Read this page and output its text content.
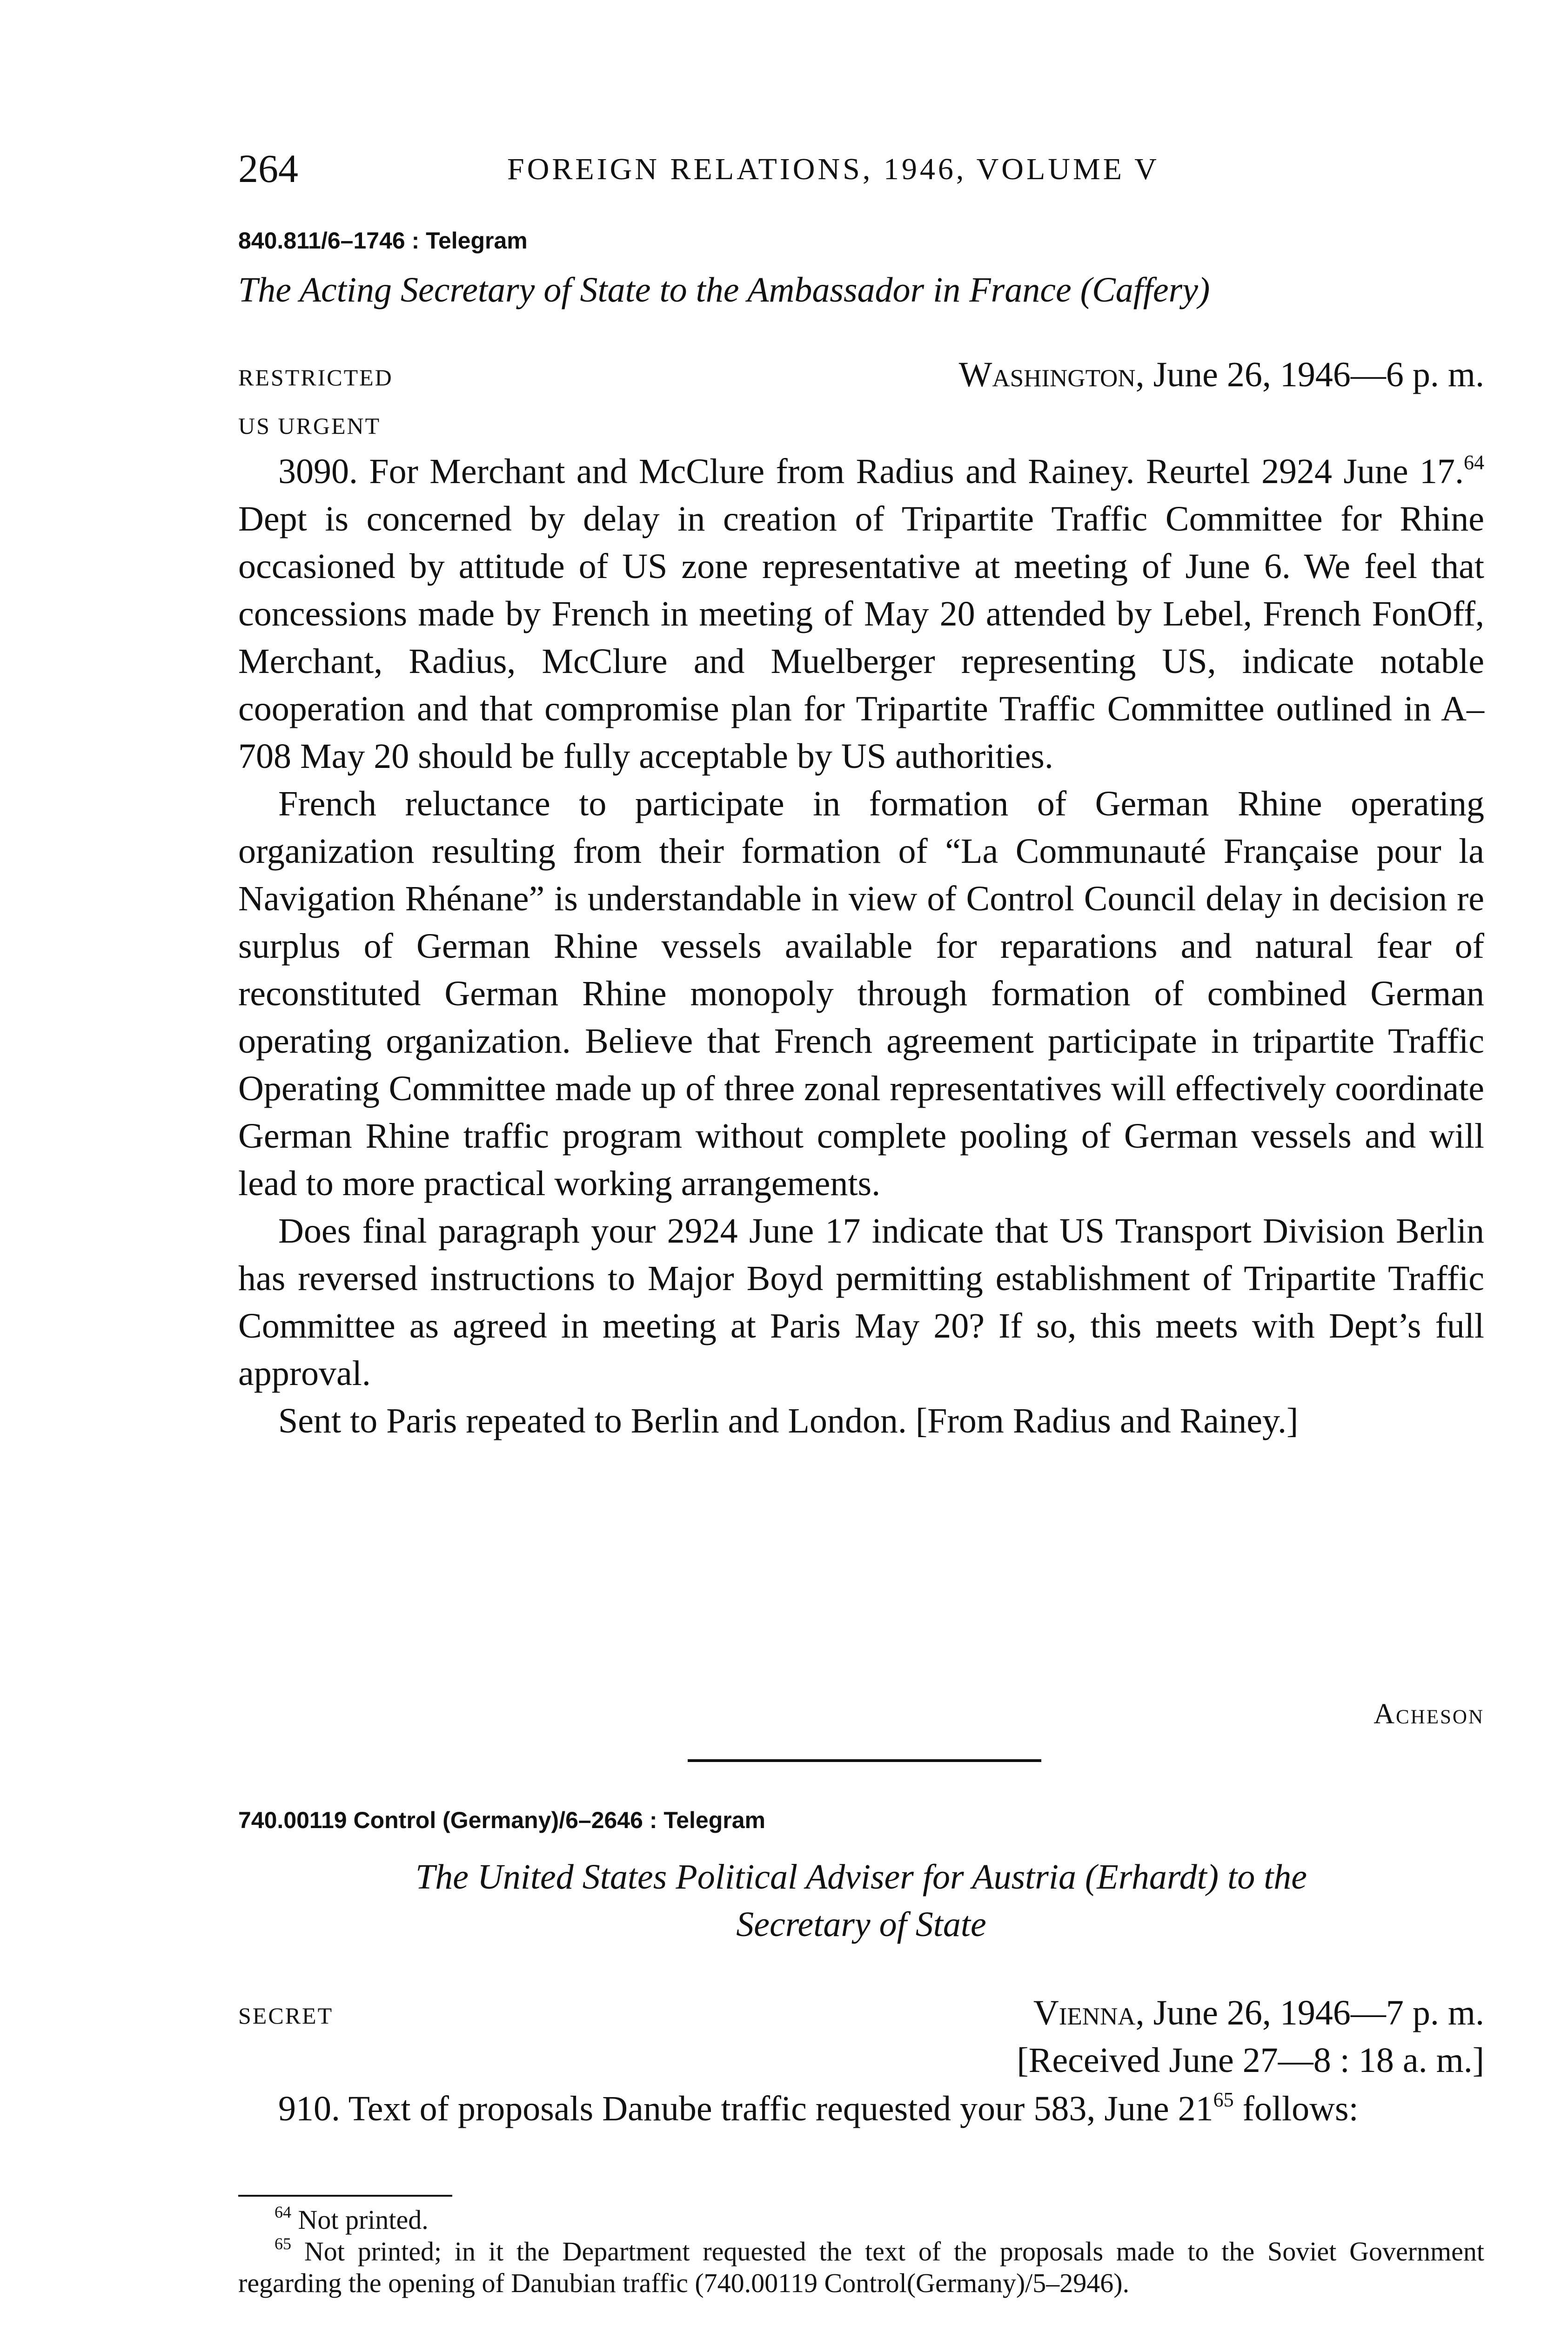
264	FOREIGN RELATIONS, 1946, VOLUME V
840.811/6–1746 : Telegram
The Acting Secretary of State to the Ambassador in France (Caffery)
RESTRICTED	Washington, June 26, 1946—6 p. m.
US URGENT

3090. For Merchant and McClure from Radius and Rainey. Reurtel 2924 June 17.64 Dept is concerned by delay in creation of Tripartite Traffic Committee for Rhine occasioned by attitude of US zone representative at meeting of June 6. We feel that concessions made by French in meeting of May 20 attended by Lebel, French FonOff, Merchant, Radius, McClure and Muelberger representing US, indicate notable cooperation and that compromise plan for Tripartite Traffic Committee outlined in A–708 May 20 should be fully acceptable by US authorities.

French reluctance to participate in formation of German Rhine operating organization resulting from their formation of “La Communauté Française pour la Navigation Rhénane” is understandable in view of Control Council delay in decision re surplus of German Rhine vessels available for reparations and natural fear of reconstituted German Rhine monopoly through formation of combined German operating organization. Believe that French agreement participate in tripartite Traffic Operating Committee made up of three zonal representatives will effectively coordinate German Rhine traffic program without complete pooling of German vessels and will lead to more practical working arrangements.

Does final paragraph your 2924 June 17 indicate that US Transport Division Berlin has reversed instructions to Major Boyd permitting establishment of Tripartite Traffic Committee as agreed in meeting at Paris May 20? If so, this meets with Dept’s full approval.

Sent to Paris repeated to Berlin and London. [From Radius and Rainey.]

Acheson
740.00119 Control (Germany)/6–2646 : Telegram
The United States Political Adviser for Austria (Erhardt) to the
Secretary of State
SECRET	Vienna, June 26, 1946—7 p. m.
[Received June 27—8 : 18 a. m.]

910. Text of proposals Danube traffic requested your 583, June $21^{65}$ follows:

$^{64}$ Not printed.

$^{65}$ Not printed; in it the Department requested the text of the proposals made to the Soviet Government regarding the opening of Danubian traffic (740.00119 Control(Germany)/5–2946).
